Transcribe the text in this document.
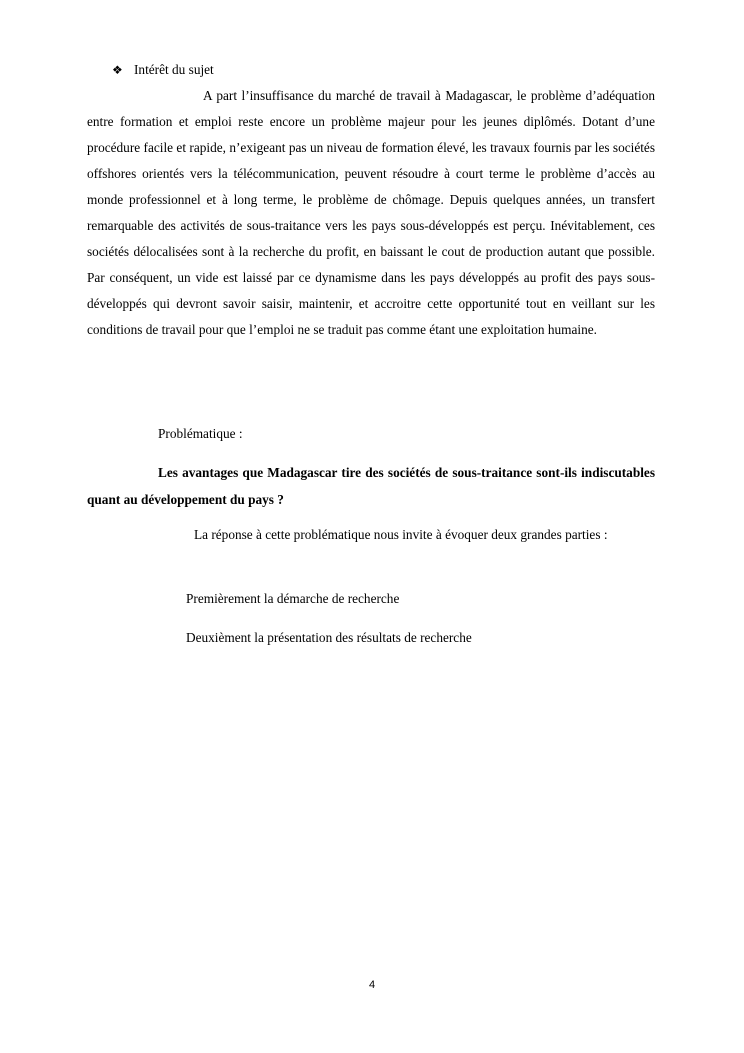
❖ Intérêt du sujet
A part l’insuffisance du marché de travail à Madagascar, le problème d’adéquation entre formation et emploi reste encore un problème majeur pour les jeunes diplômés. Dotant d’une procédure facile et rapide, n’exigeant pas un niveau de formation élevé, les travaux fournis par les sociétés offshores orientés vers la télécommunication, peuvent résoudre à court terme le problème d’accès au monde professionnel et à long terme, le problème de chômage. Depuis quelques années, un transfert remarquable des activités de sous-traitance vers les pays sous-développés est perçu. Inévitablement, ces sociétés délocalisées sont à la recherche du profit, en baissant le cout de production autant que possible. Par conséquent, un vide est laissé par ce dynamisme dans les pays développés au profit des pays sous-développés qui devront savoir saisir, maintenir, et accroitre cette opportunité tout en veillant sur les conditions de travail pour que l’emploi ne se traduit pas comme étant une exploitation humaine.
Problématique :
Les avantages que Madagascar tire des sociétés de sous-traitance sont-ils indiscutables quant au développement du pays ?
La réponse à cette problématique nous invite à évoquer deux grandes parties :
Premièrement la démarche de recherche
Deuxièment la présentation des résultats de recherche
4
